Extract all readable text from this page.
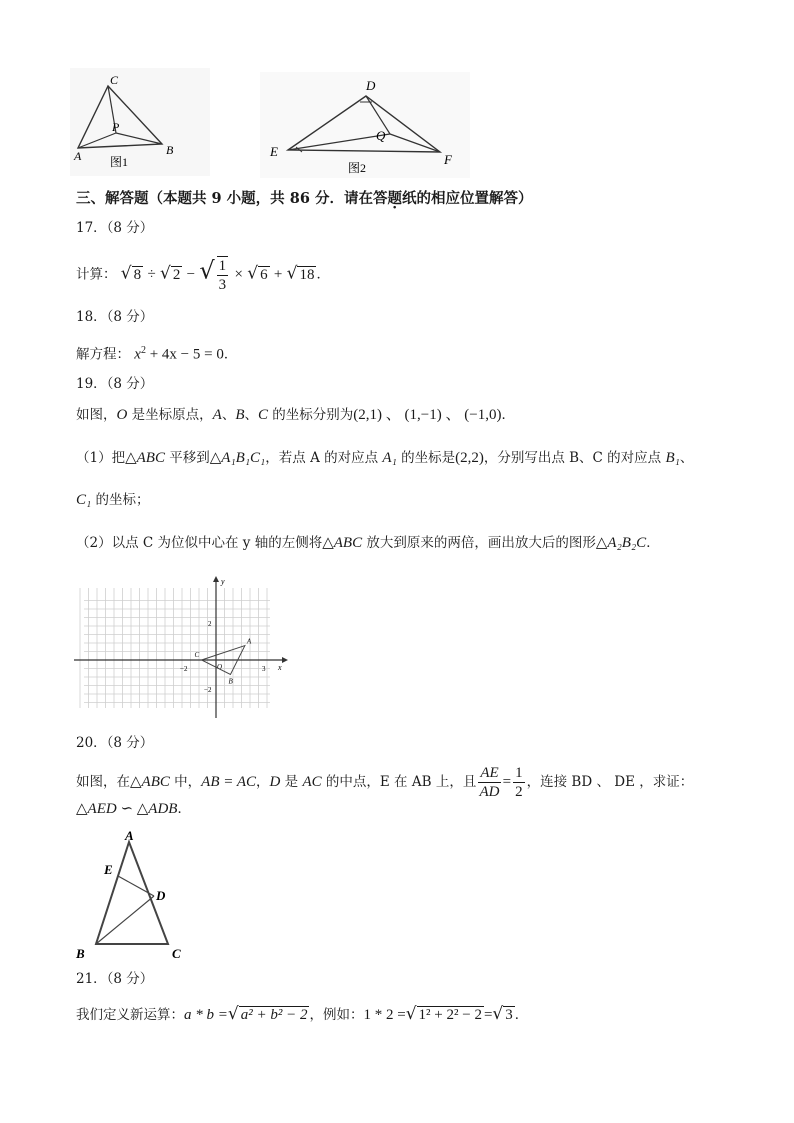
C
P
A	B
图1
D
Q
E
F
图2
三、解答题（本题共 9 小题，共 86 分．请在答题纸的相应位置解答）
17．（8 分）
计算： √ 8 ÷ √ 2 − √ $\frac{1}{3}$ × √ 6 + √ 18 ．
18．（8 分）
解方程： $x^2 + 4x - 5 = 0$．
19．（8 分）
如图，O 是坐标原点，A、B、C 的坐标分别为(2,1) 、 (1,−1) 、 (−1,0)．
（1）把△ABC 平移到△A₁B₁C₁，若点 A 的对应点 A₁ 的坐标是(2,2)，分别写出点 B、C 的对应点 B₁、
C₁ 的坐标；
（2）以点 C 为位似中心在 y 轴的左侧将△ABC 放大到原来的两倍，画出放大后的图形△A₂B₂C．
x
y
3
−2
2
−2
O
A
B
C
20．（8 分）
如图，在△ABC 中，AB = AC，D 是 AC 的中点，E 在 AB 上，且 $\frac{AE}{AD} = \frac{1}{2}$ ，连接 BD 、 DE ，求证：
△AED ∽ △ADB．
A
E
D
B	C
21．（8 分）
我们定义新运算：a * b =√ a² + b² − 2 ，例如：1 * 2 =√ 1² + 2² − 2 =√ 3 ．
